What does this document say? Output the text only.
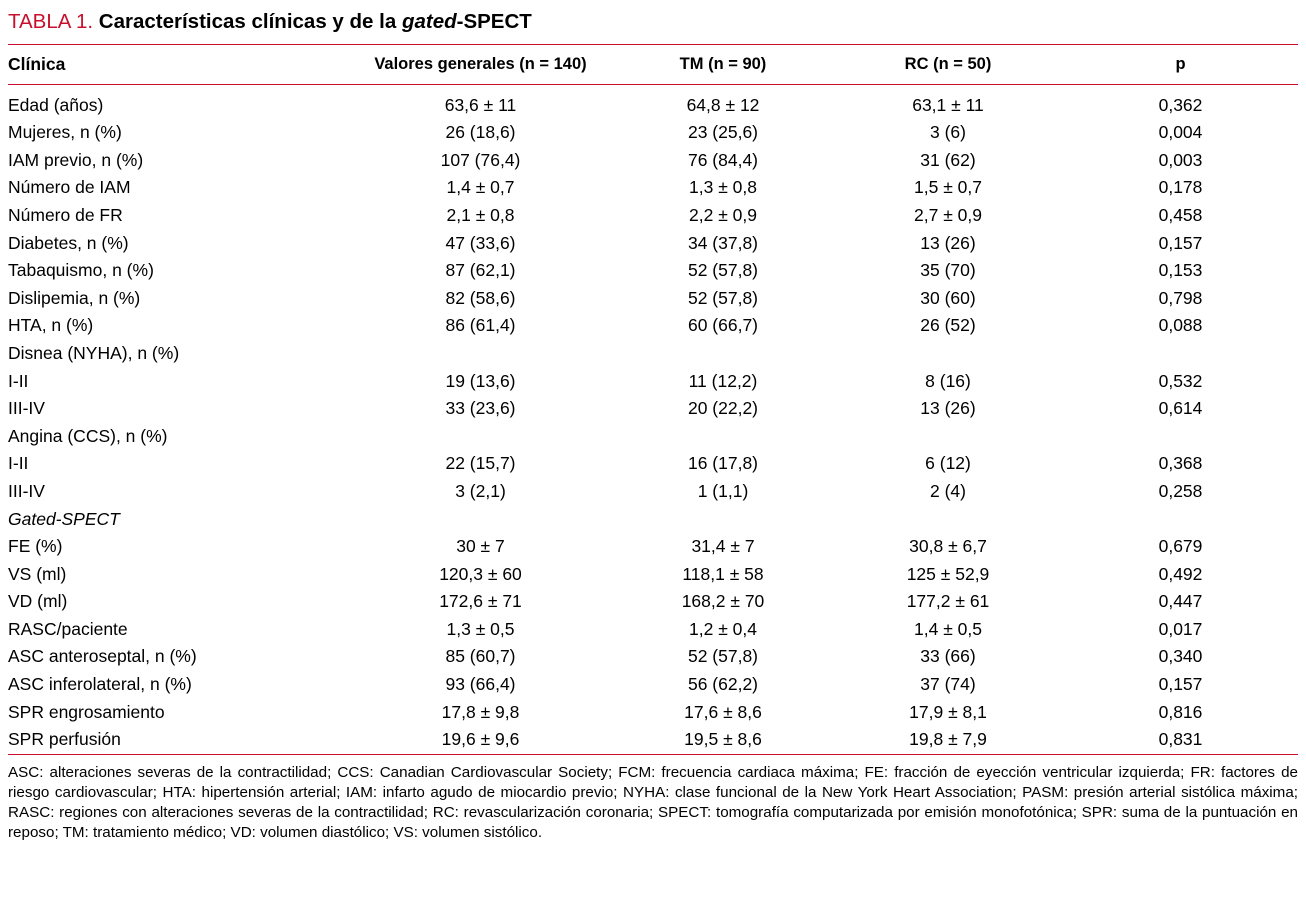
TABLA 1. Características clínicas y de la gated-SPECT
Clínica	Valores generales (n = 140)	TM (n = 90)	RC (n = 50)	p
Edad (años)	63,6 ± 11	64,8 ± 12	63,1 ± 11	0,362
Mujeres, n (%)	26 (18,6)	23 (25,6)	3 (6)	0,004
IAM previo, n (%)	107 (76,4)	76 (84,4)	31 (62)	0,003
Número de IAM	1,4 ± 0,7	1,3 ± 0,8	1,5 ± 0,7	0,178
Número de FR	2,1 ± 0,8	2,2 ± 0,9	2,7 ± 0,9	0,458
Diabetes, n (%)	47 (33,6)	34 (37,8)	13 (26)	0,157
Tabaquismo, n (%)	87 (62,1)	52 (57,8)	35 (70)	0,153
Dislipemia, n (%)	82 (58,6)	52 (57,8)	30 (60)	0,798
HTA, n (%)	86 (61,4)	60 (66,7)	26 (52)	0,088
Disnea (NYHA), n (%)				
I-II	19 (13,6)	11 (12,2)	8 (16)	0,532
III-IV	33 (23,6)	20 (22,2)	13 (26)	0,614
Angina (CCS), n (%)				
I-II	22 (15,7)	16 (17,8)	6 (12)	0,368
III-IV	3 (2,1)	1 (1,1)	2 (4)	0,258
Gated-SPECT				
FE (%)	30 ± 7	31,4 ± 7	30,8 ± 6,7	0,679
VS (ml)	120,3 ± 60	118,1 ± 58	125 ± 52,9	0,492
VD (ml)	172,6 ± 71	168,2 ± 70	177,2 ± 61	0,447
RASC/paciente	1,3 ± 0,5	1,2 ± 0,4	1,4 ± 0,5	0,017
ASC anteroseptal, n (%)	85 (60,7)	52 (57,8)	33 (66)	0,340
ASC inferolateral, n (%)	93 (66,4)	56 (62,2)	37 (74)	0,157
SPR engrosamiento	17,8 ± 9,8	17,6 ± 8,6	17,9 ± 8,1	0,816
SPR perfusión	19,6 ± 9,6	19,5 ± 8,6	19,8 ± 7,9	0,831
ASC: alteraciones severas de la contractilidad; CCS: Canadian Cardiovascular Society; FCM: frecuencia cardiaca máxima; FE: fracción de eyección ventricular izquierda; FR: factores de riesgo cardiovascular; HTA: hipertensión arterial; IAM: infarto agudo de miocardio previo; NYHA: clase funcional de la New York Heart Association; PASM: presión arterial sistólica máxima; RASC: regiones con alteraciones severas de la contractilidad; RC: revascularización coronaria; SPECT: tomografía computarizada por emisión monofotónica; SPR: suma de la puntuación en reposo; TM: tratamiento médico; VD: volumen diastólico; VS: volumen sistólico.
